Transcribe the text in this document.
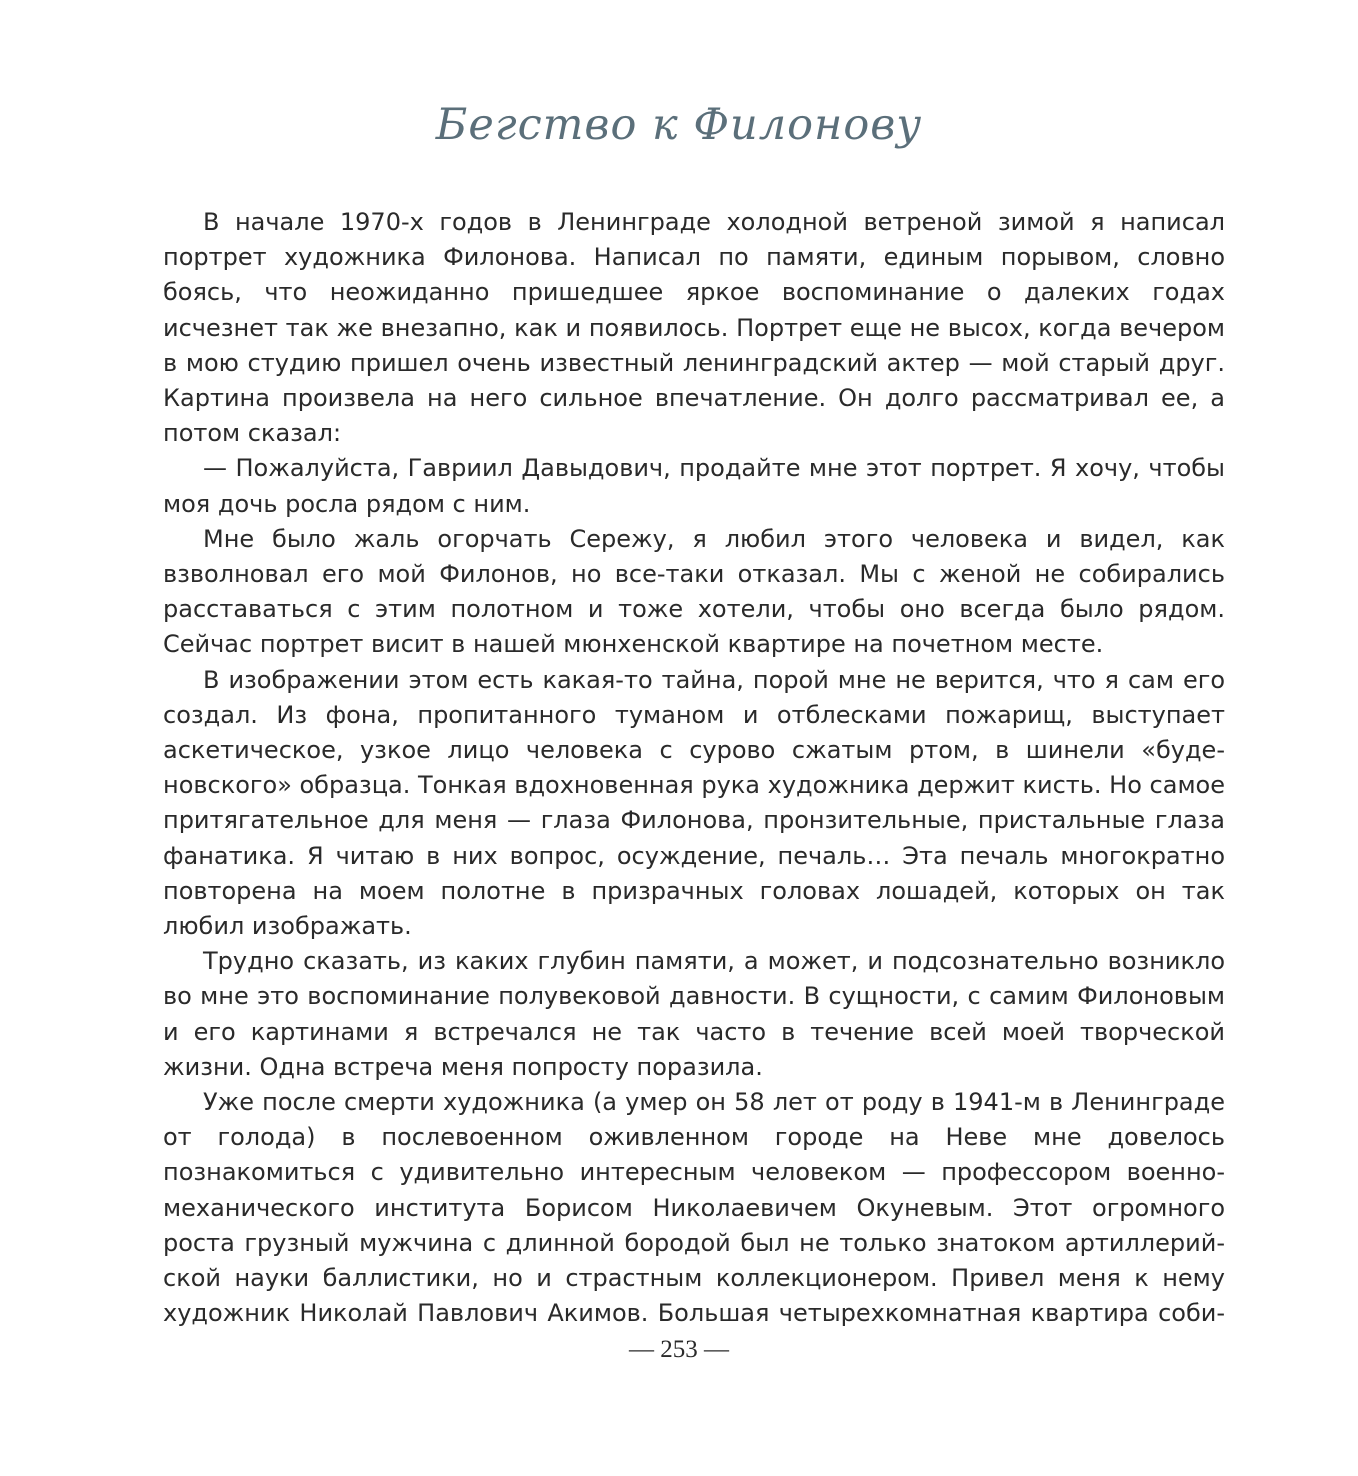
Бегство к Филонову

В начале 1970-х годов в Ленинграде холодной ветреной зимой я написал портрет художника Филонова. Написал по памяти, единым порывом, словно боясь, что неожиданно пришедшее яркое воспоминание о далеких годах исчезнет так же внезапно, как и появилось. Портрет еще не высох, когда вечером в мою студию пришел очень известный ленинградский актер — мой старый друг. Картина произвела на него сильное впечатление. Он долго рассматривал ее, а потом сказал:

— Пожалуйста, Гавриил Давыдович, продайте мне этот портрет. Я хочу, чтобы моя дочь росла рядом с ним.

Мне было жаль огорчать Сережу, я любил этого человека и видел, как взволновал его мой Филонов, но все-таки отказал. Мы с женой не собирались расставаться с этим полотном и тоже хотели, чтобы оно всегда было рядом. Сейчас портрет висит в нашей мюнхенской квартире на почетном месте.

В изображении этом есть какая-то тайна, порой мне не верится, что я сам его создал. Из фона, пропитанного туманом и отблесками пожарищ, выступает аскетическое, узкое лицо человека с сурово сжатым ртом, в шинели «буденовского» образца. Тонкая вдохновенная рука художника держит кисть. Но самое притягательное для меня — глаза Филонова, пронзительные, пристальные глаза фанатика. Я читаю в них вопрос, осуждение, печаль… Эта печаль многократно повторена на моем полотне в призрачных головах лошадей, которых он так любил изображать.

Трудно сказать, из каких глубин памяти, а может, и подсознательно возникло во мне это воспоминание полувековой давности. В сущности, с самим Филоновым и его картинами я встречался не так часто в течение всей моей творческой жизни. Одна встреча меня попросту поразила.

Уже после смерти художника (а умер он 58 лет от роду в 1941-м в Ленинграде от голода) в послевоенном оживленном городе на Неве мне довелось познакомиться с удивительно интересным человеком — профессором военно-механического института Борисом Николаевичем Окуневым. Этот огромного роста грузный мужчина с длинной бородой был не только знатоком артиллерийской науки баллистики, но и страстным коллекционером. Привел меня к нему художник Николай Павлович Акимов. Большая четырехкомнатная квартира соби-

— 253 —
